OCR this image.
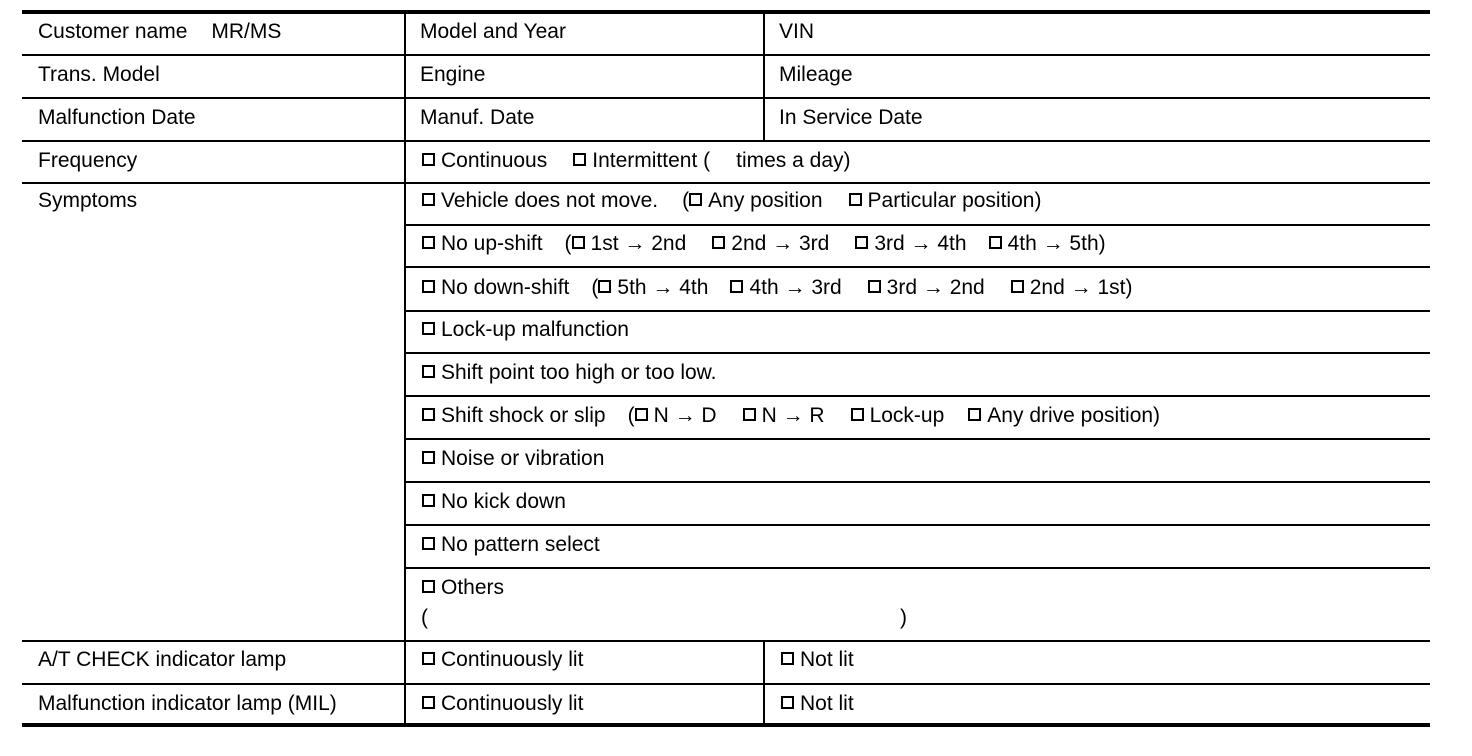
Customer name MR/MS	Model and Year	VIN
Trans. Model	Engine	Mileage
Malfunction Date	Manuf. Date	In Service Date
Frequency	Continuous Intermittent ( times a day)
Symptoms	Vehicle does not move. ( Any position Particular position)
No up-shift ( 1st → 2nd 2nd → 3rd 3rd → 4th 4th → 5th)
No down-shift ( 5th → 4th 4th → 3rd 3rd → 2nd 2nd → 1st)
Lock-up malfunction
Shift point too high or too low.
Shift shock or slip ( N → D N → R Lock-up Any drive position)
Noise or vibration
No kick down
No pattern select
Others
(	)
A/T CHECK indicator lamp	Continuously lit	Not lit
Malfunction indicator lamp (MIL)	Continuously lit	Not lit
